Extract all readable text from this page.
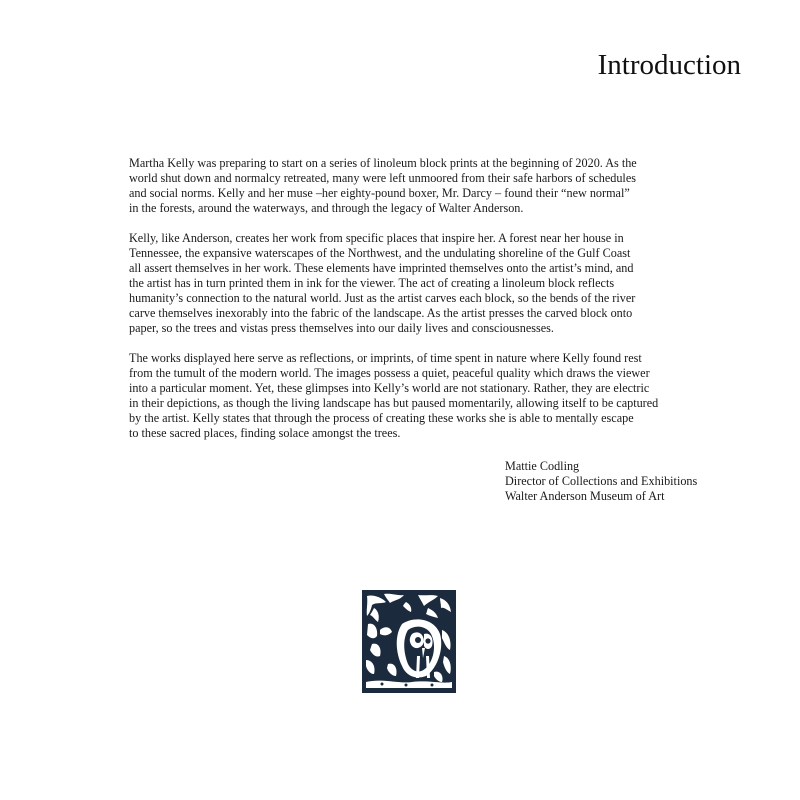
Introduction

Martha Kelly was preparing to start on a series of linoleum block prints at the beginning of 2020. As the
world shut down and normalcy retreated, many were left unmoored from their safe harbors of schedules
and social norms. Kelly and her muse –her eighty-pound boxer, Mr. Darcy – found their “new normal”
in the forests, around the waterways, and through the legacy of Walter Anderson.

Kelly, like Anderson, creates her work from specific places that inspire her. A forest near her house in
Tennessee, the expansive waterscapes of the Northwest, and the undulating shoreline of the Gulf Coast
all assert themselves in her work. These elements have imprinted themselves onto the artist’s mind, and
the artist has in turn printed them in ink for the viewer. The act of creating a linoleum block reflects
humanity’s connection to the natural world. Just as the artist carves each block, so the bends of the river
carve themselves inexorably into the fabric of the landscape. As the artist presses the carved block onto
paper, so the trees and vistas press themselves into our daily lives and consciousnesses.

The works displayed here serve as reflections, or imprints, of time spent in nature where Kelly found rest
from the tumult of the modern world. The images possess a quiet, peaceful quality which draws the viewer
into a particular moment. Yet, these glimpses into Kelly’s world are not stationary. Rather, they are electric
in their depictions, as though the living landscape has but paused momentarily, allowing itself to be captured
by the artist. Kelly states that through the process of creating these works she is able to mentally escape
to these sacred places, finding solace amongst the trees.

Mattie Codling
Director of Collections and Exhibitions
Walter Anderson Museum of Art
